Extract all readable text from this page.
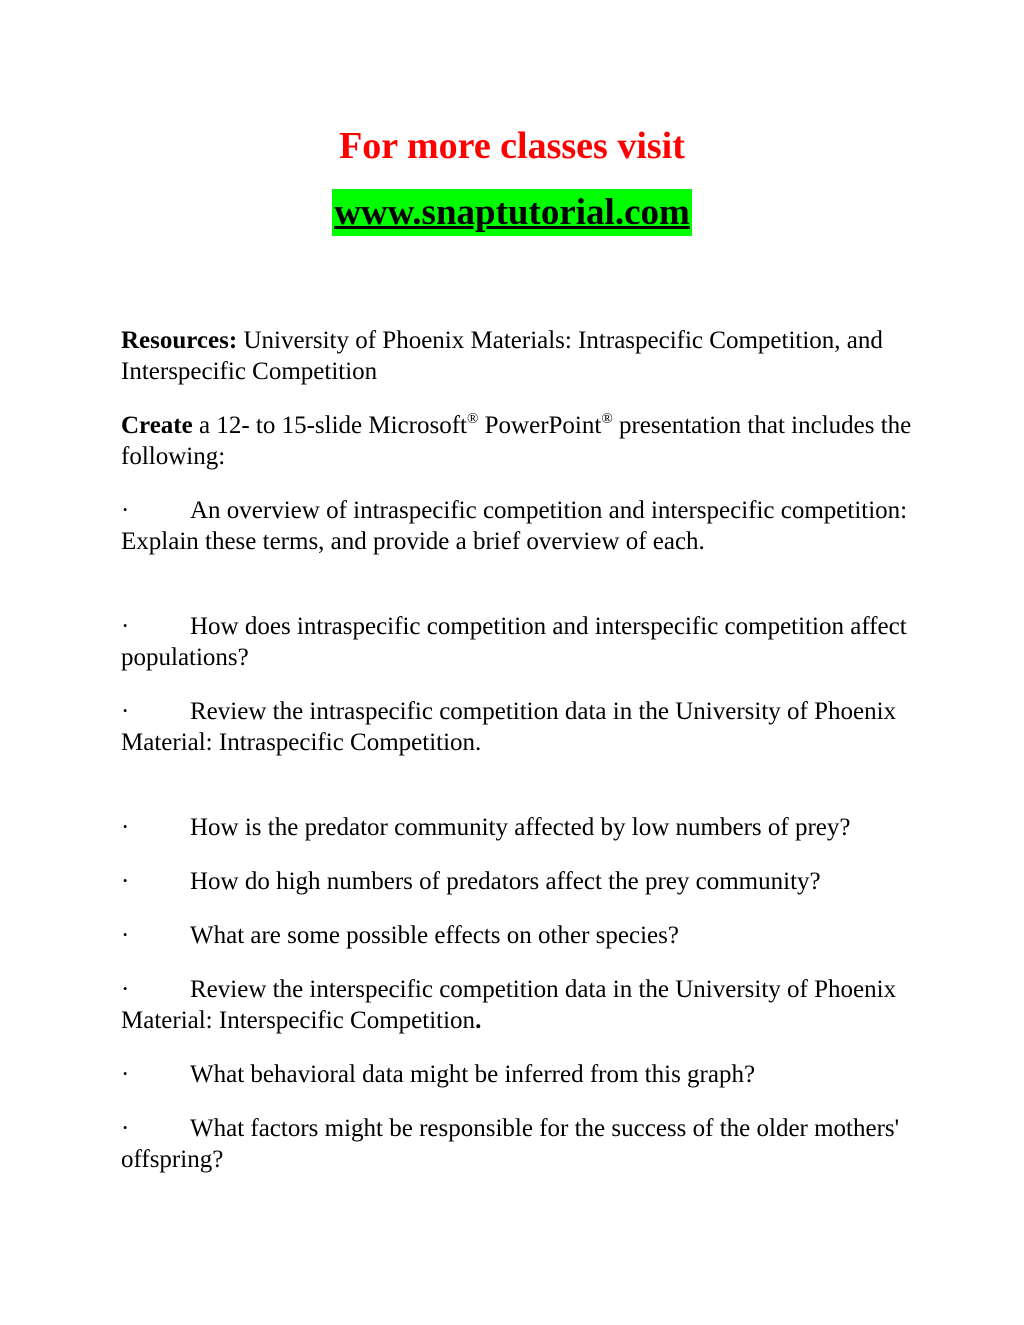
For more classes visit
www.snaptutorial.com

Resources: University of Phoenix Materials: Intraspecific Competition, and Interspecific Competition

Create a 12- to 15-slide Microsoft® PowerPoint® presentation that includes the following:

· An overview of intraspecific competition and interspecific competition: Explain these terms, and provide a brief overview of each.

· How does intraspecific competition and interspecific competition affect populations?

· Review the intraspecific competition data in the University of Phoenix Material: Intraspecific Competition.

· How is the predator community affected by low numbers of prey?

· How do high numbers of predators affect the prey community?

· What are some possible effects on other species?

· Review the interspecific competition data in the University of Phoenix Material: Interspecific Competition.

· What behavioral data might be inferred from this graph?

· What factors might be responsible for the success of the older mothers' offspring?
